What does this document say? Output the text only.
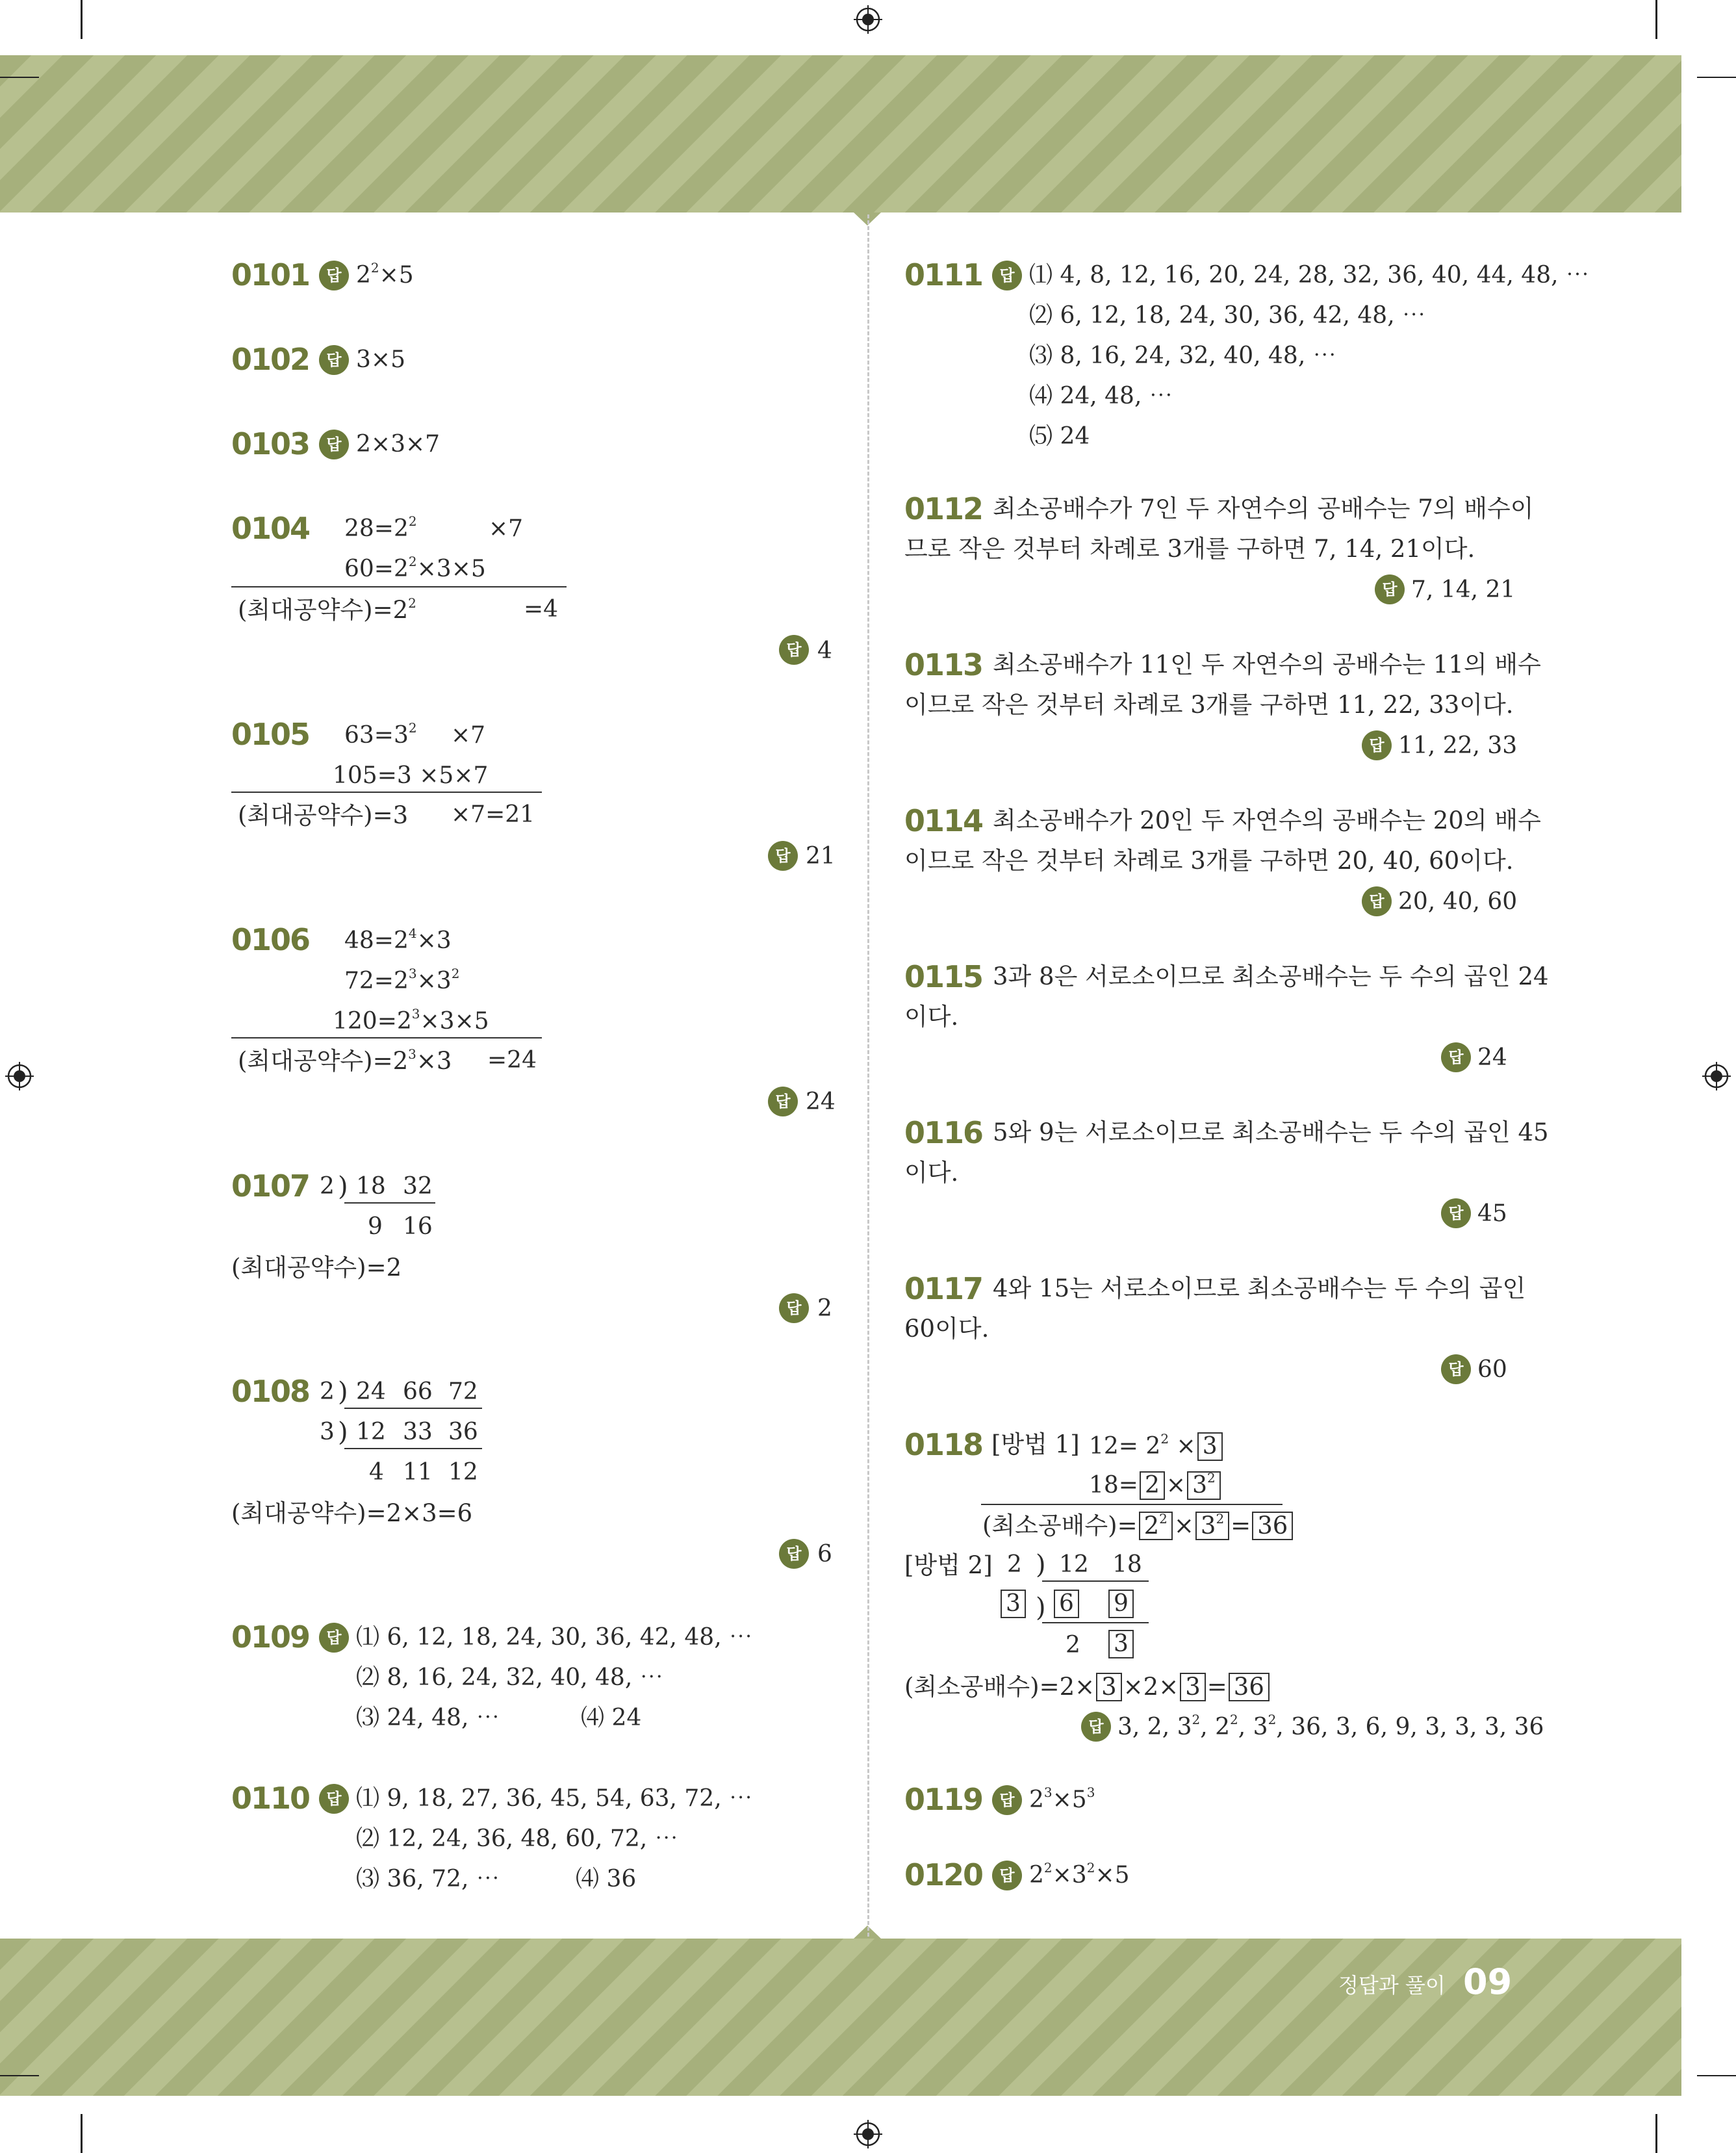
0101	답 $2^2\times 5$
0102	답 3×5
0103	답 2×3×7
0104 $28=2^2$	×7
$60=2^2\times 3\times 5$
(최대공약수)$=2^2$	=4
답 4
0105 $63=3^2 \times 7$
105=3 ×5×7
(최대공약수)=3 ×7=21
답 21
0106 $48=2^4\times 3$
$72=2^3\times 3^2$
$120=2^3\times 3\times 5$
(최대공약수)$=2^3\times 3 =24$
답 24
0107 2 ) 18 32
9 16
(최대공약수)=2
답 2
0108 2 ) 24 66 72
3 ) 12 33 36
4 11 12
(최대공약수)=2×3=6
답 6
0109	답 ⑴ 6, 12, 18, 24, 30, 36, 42, 48, ⋯
⑵ 8, 16, 24, 32, 40, 48, ⋯
⑶ 24, 48, ⋯	⑷ 24
0110	답 ⑴ 9, 18, 27, 36, 45, 54, 63, 72, ⋯
⑵ 12, 24, 36, 48, 60, 72, ⋯
⑶ 36, 72, ⋯	⑷ 36
0111	답 ⑴ 4, 8, 12, 16, 20, 24, 28, 32, 36, 40, 44, 48, ⋯
⑵ 6, 12, 18, 24, 30, 36, 42, 48, ⋯
⑶ 8, 16, 24, 32, 40, 48, ⋯
⑷ 24, 48, ⋯
⑸ 24
0112 최소공배수가 7인 두 자연수의 공배수는 7의 배수이
므로 작은 것부터 차례로 3개를 구하면 7, 14, 21이다.
답 7, 14, 21
0113 최소공배수가 11인 두 자연수의 공배수는 11의 배수
이므로 작은 것부터 차례로 3개를 구하면 11, 22, 33이다.
답 11, 22, 33
0114 최소공배수가 20인 두 자연수의 공배수는 20의 배수
이므로 작은 것부터 차례로 3개를 구하면 20, 40, 60이다.
답 20, 40, 60
0115 3과 8은 서로소이므로 최소공배수는 두 수의 곱인 24
이다.
답 24
0116 5와 9는 서로소이므로 최소공배수는 두 수의 곱인 45
이다.
답 45
0117 4와 15는 서로소이므로 최소공배수는 두 수의 곱인
60이다.
답 60
0118 [방법 1] $12= 2^2 \times 3$
$18= 2 \times 3^2$
(최소공배수)= $2^2 \times 3^2 = 36$
[방법 2] 2 ) 12 18
3 ) 6 9
2 3
(최소공배수)=2× 3 ×2× 3 = 36
답 3, 2, $3^2$, $2^2$, $3^2$, 36, 3, 6, 9, 3, 3, 3, 36
0119	답 $2^3\times 5^3$
0120	답 $2^2\times 3^2\times 5$
정답과 풀이 09
